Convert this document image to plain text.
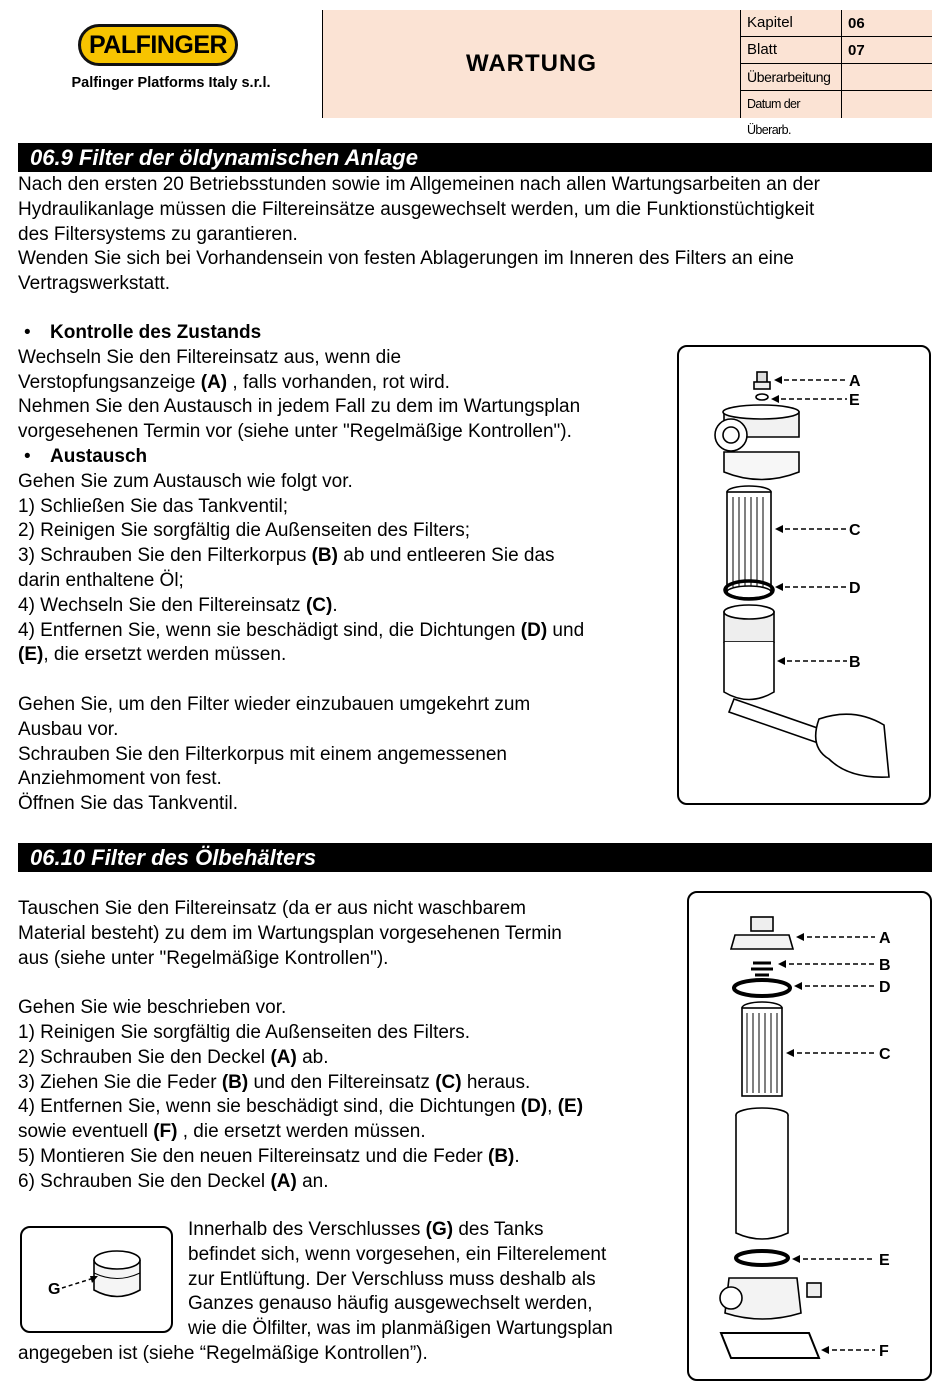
PALFINGER
Palfinger Platforms Italy s.r.l.
WARTUNG
Kapitel	06
Blatt	07
Überarbeitung
Datum der Überarb.
06.9 Filter der öldynamischen Anlage
Nach den ersten 20 Betriebsstunden sowie im Allgemeinen nach allen Wartungsarbeiten an der
Hydraulikanlage müssen die Filtereinsätze ausgewechselt werden, um die Funktionstüchtigkeit
des Filtersystems zu garantieren.
Wenden Sie sich bei Vorhandensein von festen Ablagerungen im Inneren des Filters an eine
Vertragswerkstatt.
• Kontrolle des Zustands
Wechseln Sie den Filtereinsatz aus, wenn die
Verstopfungsanzeige (A) , falls vorhanden, rot wird.
Nehmen Sie den Austausch in jedem Fall zu dem im Wartungsplan
vorgesehenen Termin vor (siehe unter "Regelmäßige Kontrollen").
• Austausch
Gehen Sie zum Austausch wie folgt vor.
1) Schließen Sie das Tankventil;
2) Reinigen Sie sorgfältig die Außenseiten des Filters;
3) Schrauben Sie den Filterkorpus (B) ab und entleeren Sie das
darin enthaltene Öl;
4) Wechseln Sie den Filtereinsatz (C).
4) Entfernen Sie, wenn sie beschädigt sind, die Dichtungen (D) und
(E), die ersetzt werden müssen.
Gehen Sie, um den Filter wieder einzubauen umgekehrt zum
Ausbau vor.
Schrauben Sie den Filterkorpus mit einem angemessenen
Anziehmoment von fest.
Öffnen Sie das Tankventil.
A
E
C
D
B
06.10 Filter des Ölbehälters
Tauschen Sie den Filtereinsatz (da er aus nicht waschbarem
Material besteht) zu dem im Wartungsplan vorgesehenen Termin
aus (siehe unter "Regelmäßige Kontrollen").
Gehen Sie wie beschrieben vor.
1) Reinigen Sie sorgfältig die Außenseiten des Filters.
2) Schrauben Sie den Deckel (A) ab.
3) Ziehen Sie die Feder (B) und den Filtereinsatz (C) heraus.
4) Entfernen Sie, wenn sie beschädigt sind, die Dichtungen (D), (E)
sowie eventuell (F) , die ersetzt werden müssen.
5) Montieren Sie den neuen Filtereinsatz und die Feder (B).
6) Schrauben Sie den Deckel (A) an.
G
Innerhalb des Verschlusses (G) des Tanks
befindet sich, wenn vorgesehen, ein Filterelement
zur Entlüftung. Der Verschluss muss deshalb als
Ganzes genauso häufig ausgewechselt werden,
wie die Ölfilter, was im planmäßigen Wartungsplan
angegeben ist (siehe “Regelmäßige Kontrollen”).
A
B
D
C
E
F
